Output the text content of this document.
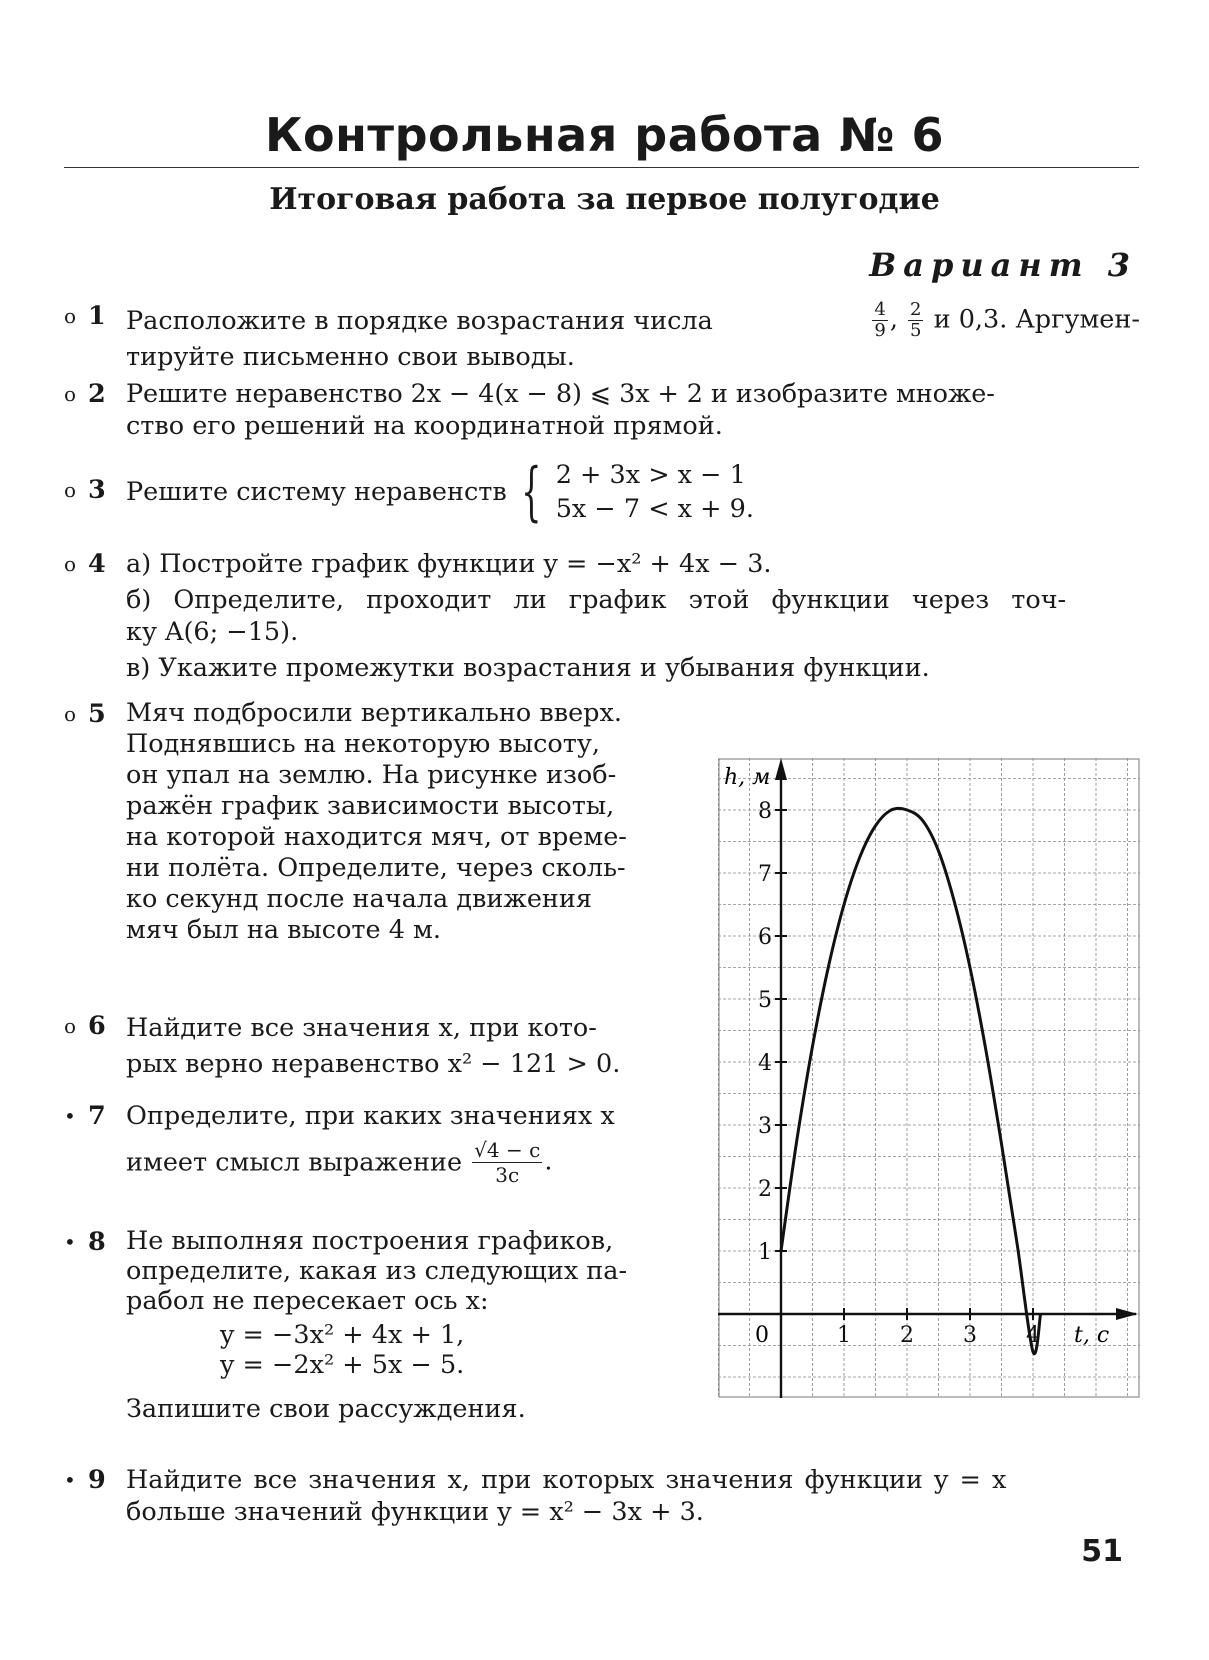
Контрольная работа № 6
Итоговая работа за первое полугодие
Вариант 3
o 1 Расположите в порядке возрастания числа	$\frac{4}{9}$ , $\frac{2}{5}$ и 0,3. Аргумен-
тируйте письменно свои выводы.
o 2 Решите неравенство 2x − 4(x − 8) ⩽ 3x + 2 и изобразите множе-
ство его решений на координатной прямой.
o 3 Решите систему неравенств { 2 + 3x > x − 1
5x − 7 < x + 9.
o 4 а) Постройте график функции y = −x² + 4x − 3.
б) Определите, проходит ли график этой функции через точ-
ку A(6; −15).
в) Укажите промежутки возрастания и убывания функции.
o 5 Мяч подбросили вертикально вверх.
Поднявшись на некоторую высоту,
он упал на землю. На рисунке изоб-
ражён график зависимости высоты,
на которой находится мяч, от време-
ни полёта. Определите, через сколь-
ко секунд после начала движения
мяч был на высоте 4 м.
o 6 Найдите все значения x, при кото-
рых верно неравенство x² − 121 > 0.
• 7 Определите, при каких значениях x
имеет смысл выражение $\frac{√4 - c}{3c}$ .
• 8 Не выполняя построения графиков,
определите, какая из следующих па-
рабол не пересекает ось x:
y = −3x² + 4x + 1,
y = −2x² + 5x − 5.
Запишите свои рассуждения.
• 9 Найдите все значения x, при которых значения функции y = x
больше значений функции y = x² − 3x + 3.
1
2
3
4
5
6
7
8
1 2 3 4
h, м
t, с
0
51
